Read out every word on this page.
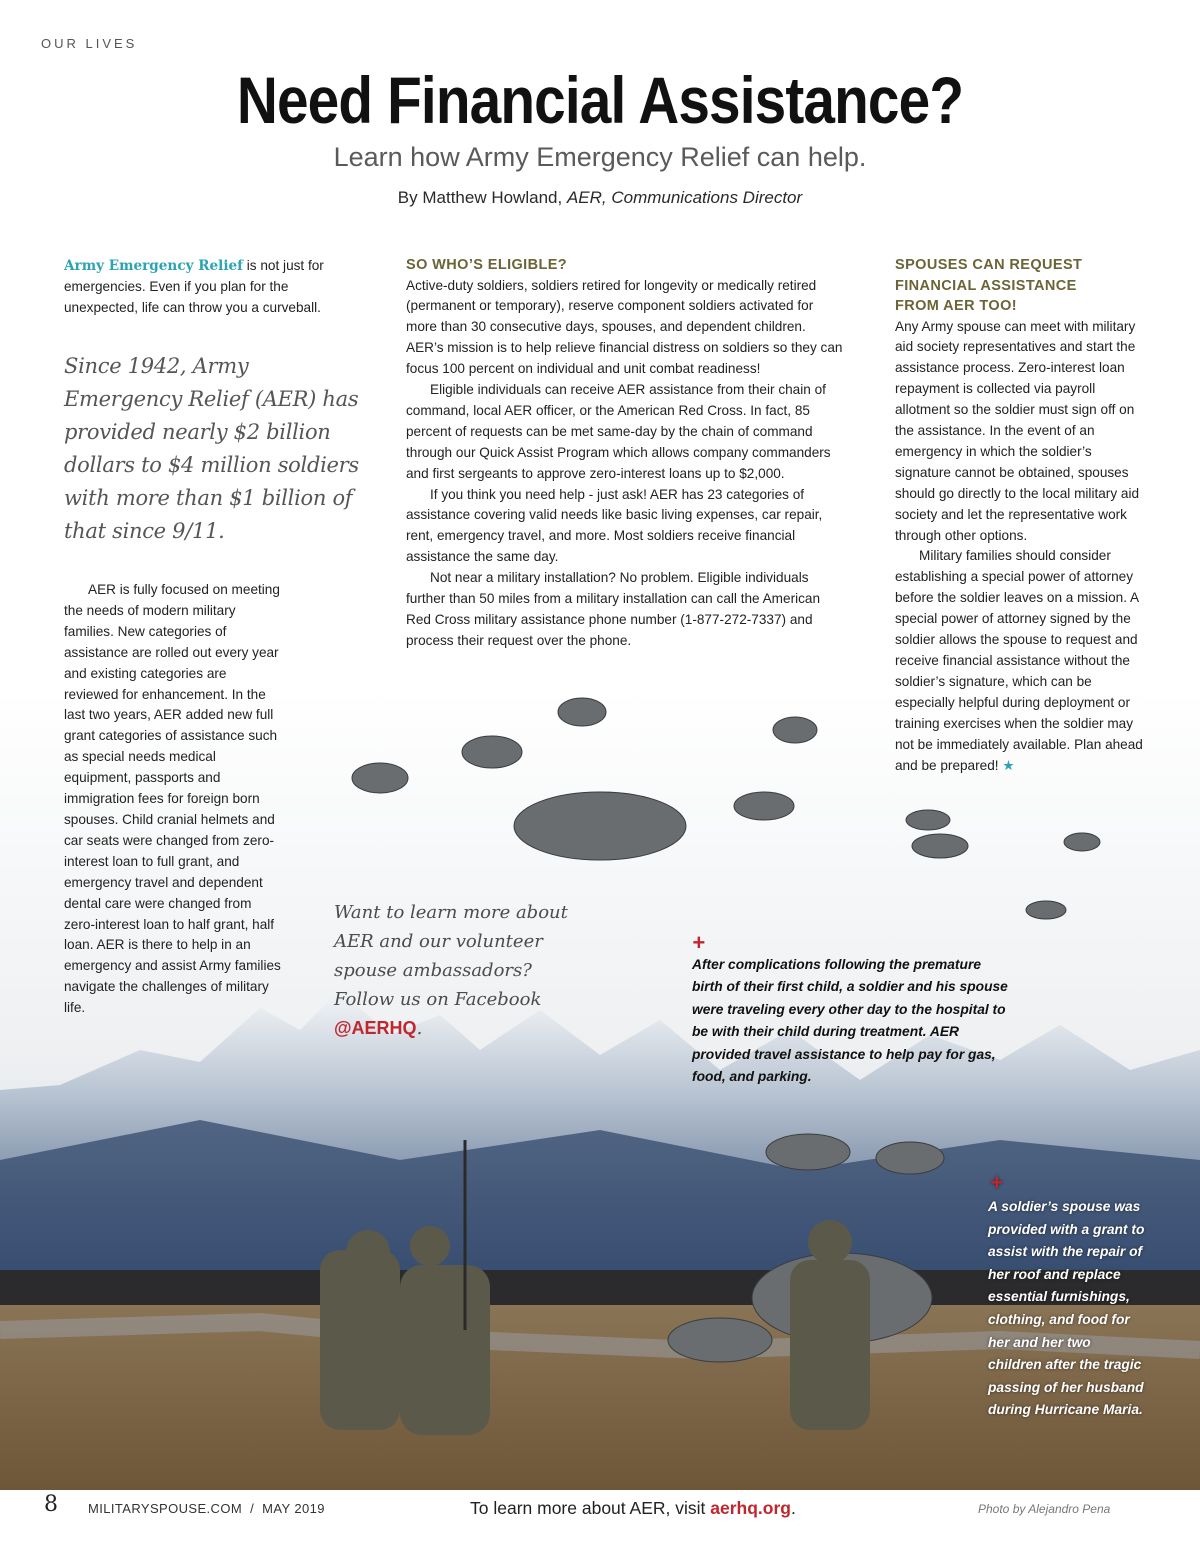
OUR LIVES
Need Financial Assistance?
Learn how Army Emergency Relief can help.
By Matthew Howland, AER, Communications Director

Army Emergency Relief is not just for emergencies. Even if you plan for the unexpected, life can throw you a curveball.

Since 1942, Army Emergency Relief (AER) has provided nearly $2 billion dollars to $4 million soldiers with more than $1 billion of that since 9/11.

AER is fully focused on meeting the needs of modern military families. New categories of assistance are rolled out every year and existing categories are reviewed for enhancement. In the last two years, AER added new full grant categories of assistance such as special needs medical equipment, passports and immigration fees for foreign born spouses. Child cranial helmets and car seats were changed from zero-interest loan to full grant, and emergency travel and dependent dental care were changed from zero-interest loan to half grant, half loan. AER is there to help in an emergency and assist Army families navigate the challenges of military life.

SO WHO’S ELIGIBLE?

Active-duty soldiers, soldiers retired for longevity or medically retired (permanent or temporary), reserve component soldiers activated for more than 30 consecutive days, spouses, and dependent children. AER’s mission is to help relieve financial distress on soldiers so they can focus 100 percent on individual and unit combat readiness!

Eligible individuals can receive AER assistance from their chain of command, local AER officer, or the American Red Cross. In fact, 85 percent of requests can be met same-day by the chain of command through our Quick Assist Program which allows company commanders and first sergeants to approve zero-interest loans up to $2,000.

If you think you need help - just ask! AER has 23 categories of assistance covering valid needs like basic living expenses, car repair, rent, emergency travel, and more. Most soldiers receive financial assistance the same day.

Not near a military installation? No problem. Eligible individuals further than 50 miles from a military installation can call the American Red Cross military assistance phone number (1-877-272-7337) and process their request over the phone.

SPOUSES CAN REQUEST FINANCIAL ASSISTANCE FROM AER TOO!

Any Army spouse can meet with military aid society representatives and start the assistance process. Zero-interest loan repayment is collected via payroll allotment so the soldier must sign off on the assistance. In the event of an emergency in which the soldier’s signature cannot be obtained, spouses should go directly to the local military aid society and let the representative work through other options.

Military families should consider establishing a special power of attorney before the soldier leaves on a mission. A special power of attorney signed by the soldier allows the spouse to request and receive financial assistance without the soldier’s signature, which can be especially helpful during deployment or training exercises when the soldier may not be immediately available. Plan ahead and be prepared! ★

Want to learn more about AER and our volunteer spouse ambassadors? Follow us on Facebook @AERHQ.
+
After complications following the premature birth of their first child, a soldier and his spouse were traveling every other day to the hospital to be with their child during treatment. AER provided travel assistance to help pay for gas, food, and parking.
+
A soldier’s spouse was provided with a grant to assist with the repair of her roof and replace essential furnishings, clothing, and food for her and her two children after the tragic passing of her husband during Hurricane Maria.
8 MILITARYSPOUSE.COM  /  MAY 2019	To learn more about AER, visit aerhq.org.	Photo by Alejandro Pena
